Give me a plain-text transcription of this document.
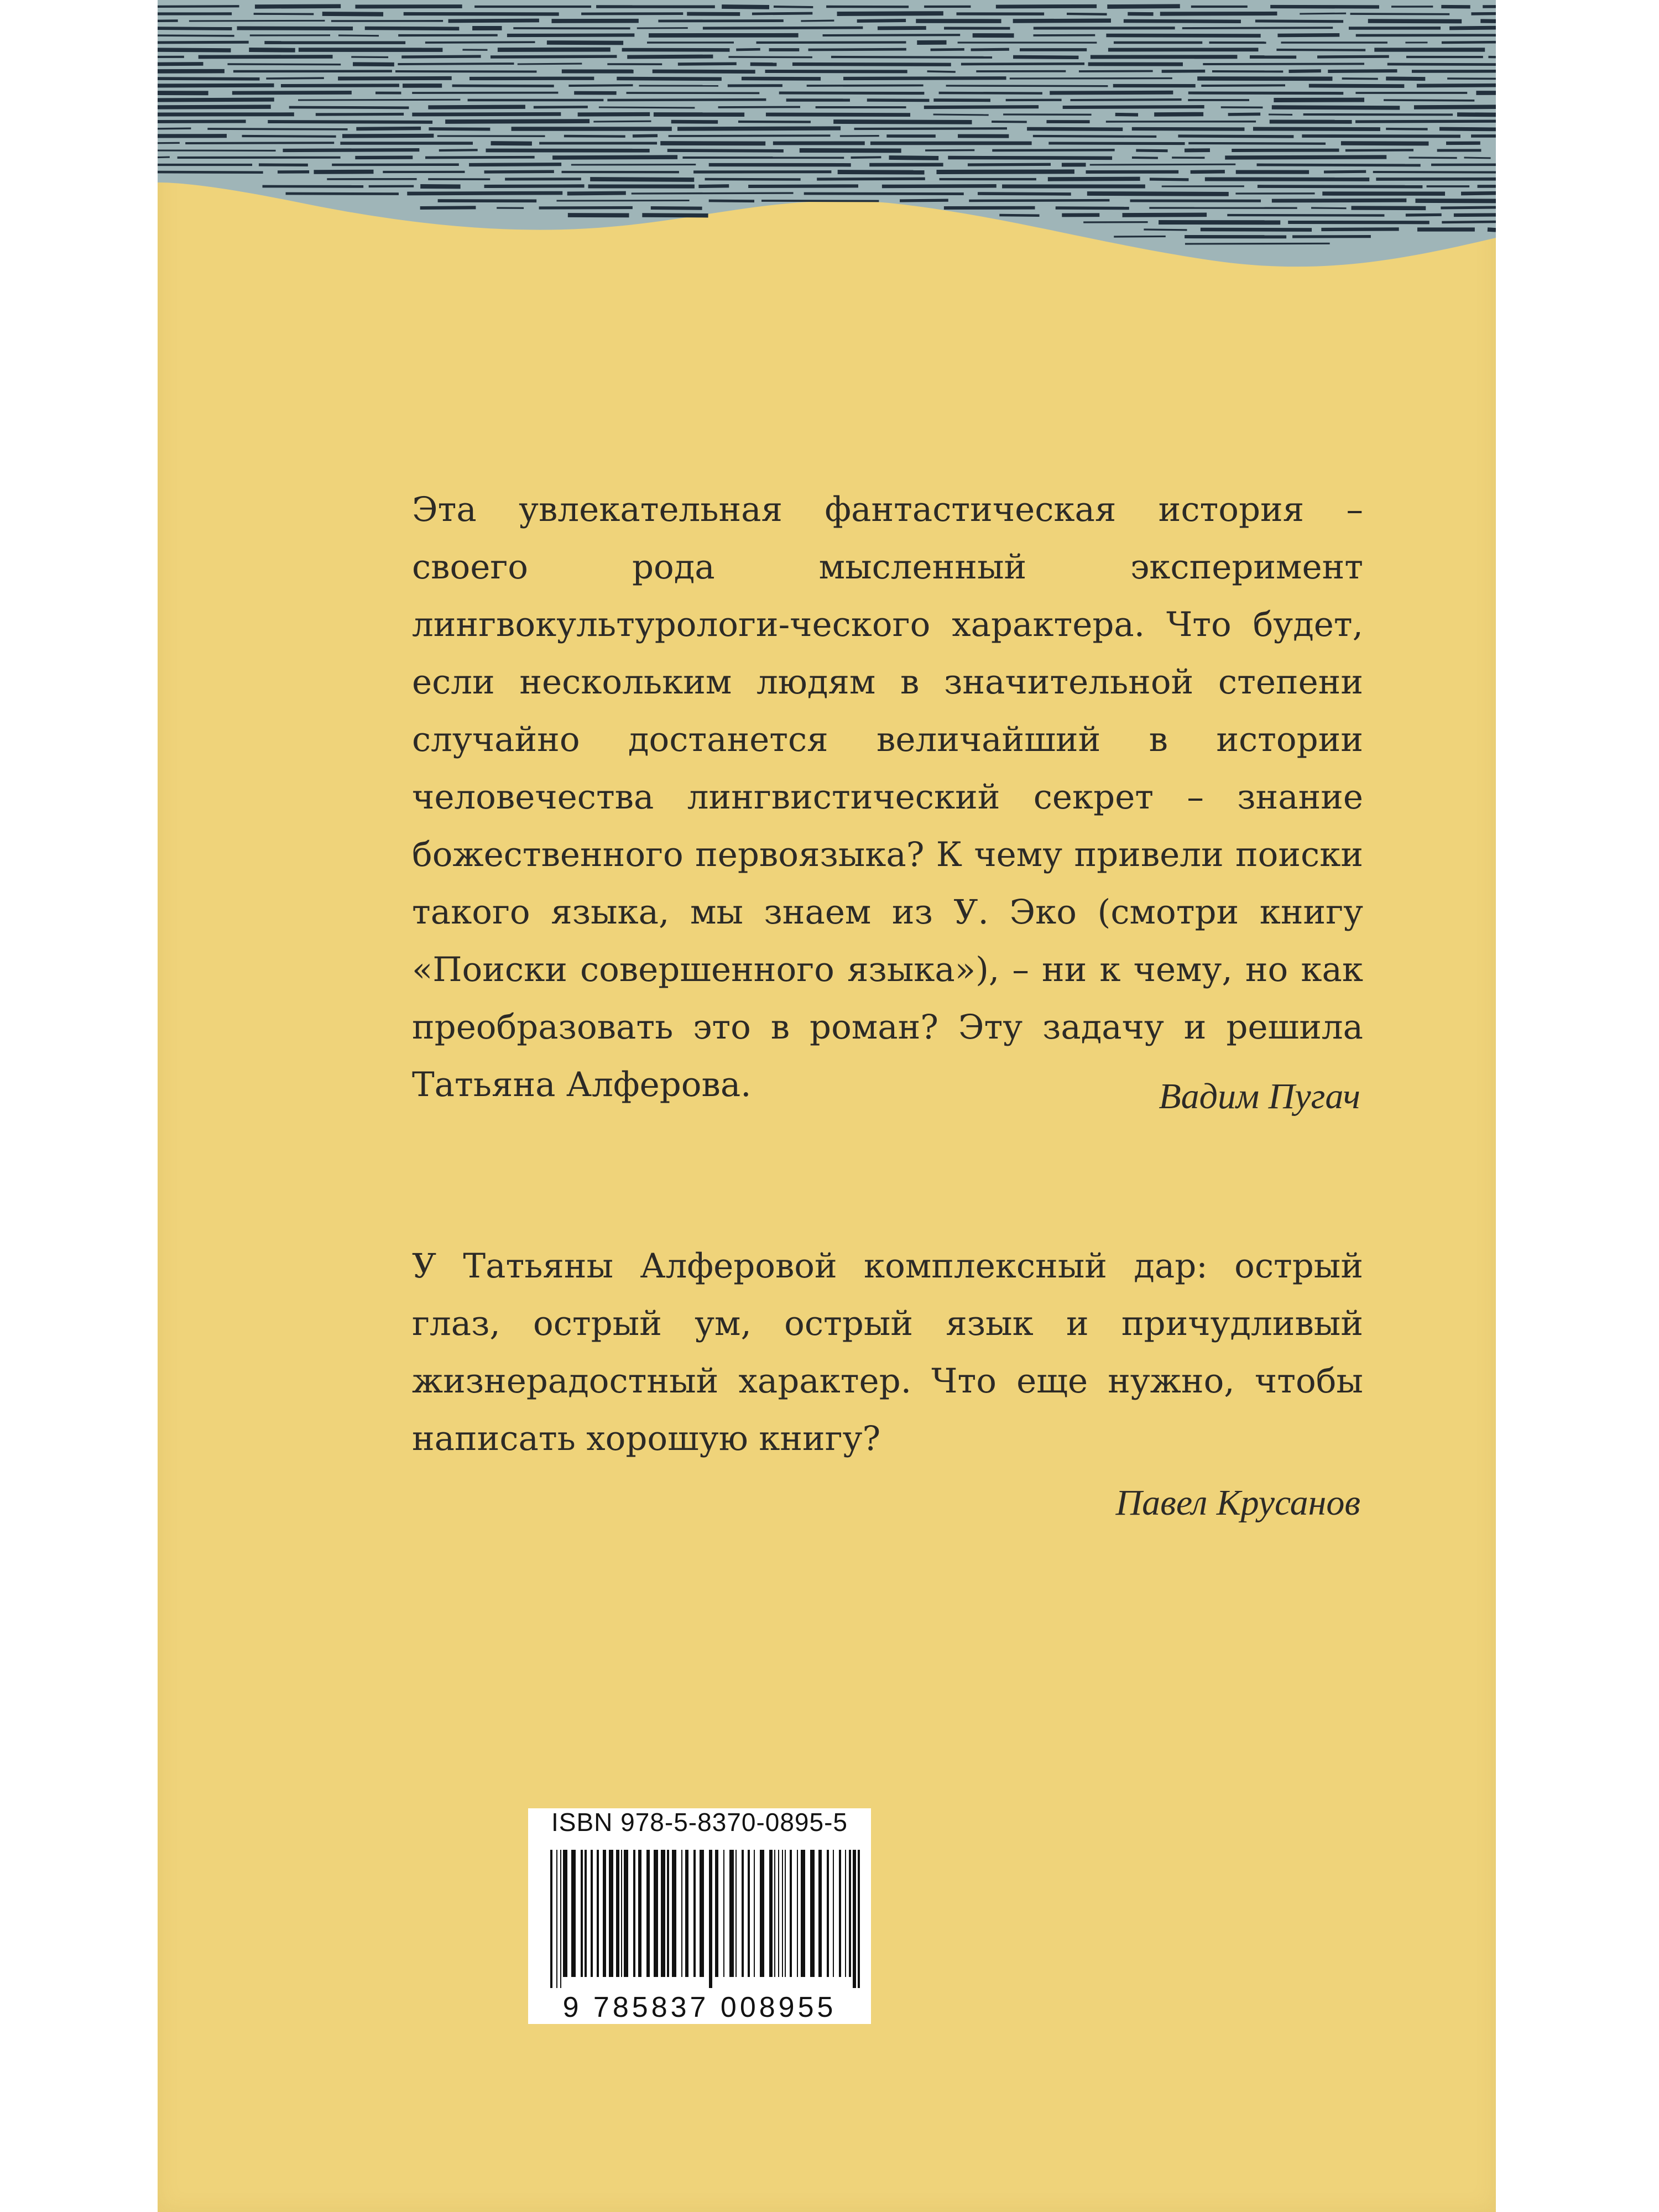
Эта увлекательная фантастическая история – своего рода мысленный эксперимент лингвокультурологи-ческого характера. Что будет, если нескольким людям в значительной степени случайно достанется величайший в истории человечества лингвистический секрет – знание божественного первоязыка? К чему привели поиски такого языка, мы знаем из У. Эко (смотри книгу «Поиски совершенного языка»), – ни к чему, но как преобразовать это в роман? Эту задачу и решила Татьяна Алферова.	Вадим Пугач
У Татьяны Алферовой комплексный дар: острый глаз, острый ум, острый язык и причудливый жизнерадостный характер. Что еще нужно, чтобы написать хорошую книгу?
Павел Крусанов
ISBN 978-5-8370-0895-5
9 785837 008955
